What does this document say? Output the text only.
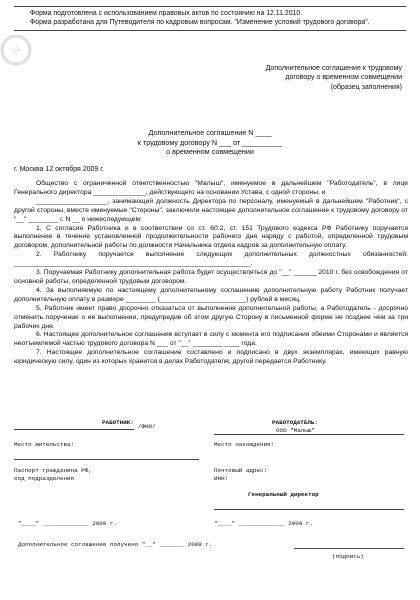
N

Форма подготовлена с использованием правовых актов по состоянию на 12.11.2010.

Форма разработана для Путеводителя по кадровым вопросам. "Изменение условий трудового договора".

Дополнительное соглашение к трудовому
договору о временном совмещении
(образец заполнения)
Дополнительное соглашение N ____
к трудовому договору N ___ от __________
о временном совмещении
г. Москва 12 октября 2009 г.

Общество с ограниченной ответственностью "Малыш", именуемое в дальнейшем "Работодатель", в лице Генерального директора ______________, действующего на основании Устава, с одной стороны, и

___________________, занимающий должность Директора по персоналу, именуемый в дальнейшем "Работник", с другой стороны, вместе именуемые "Стороны", заключили настоящее дополнительное соглашение к трудовому договору от "__" ________ г. N __ о нижеследующем:

1. С согласия Работника и в соответствии со ст. 60.2, ст. 151 Трудового кодекса РФ Работнику поручается выполнение в течение установленной продолжительности рабочего дня наряду с работой, определенной трудовым договором, дополнительной работы по должности Начальника отдела кадров за дополнительную оплату.

2. Работнику поручается выполнение следующих дополнительных должностных обязанностей: _______________________________________________________________.

3. Поручаемая Работнику дополнительная работа будет осуществляться до "__" ______ 2010 г. без освобождения от основной работы, определенной трудовым договором.

4. За выполняемую по настоящему дополнительному соглашению дополнительную работу Работник получает дополнительную оплату в размере ________ (_______________________) рублей в месяц.

5. Работник имеет право досрочно отказаться от выполнения дополнительной работы, а Работодатель - досрочно отменить поручение о ее выполнении, предупредив об этом другую Сторону в письменной форме не позднее чем за три рабочих дня.

6. Настоящее дополнительное соглашение вступает в силу с момента его подписания обеими Сторонами и является неотъемлемой частью трудового договора N ___ от "__" ________ ____ года.

7. Настоящее дополнительное соглашение составлено и подписано в двух экземплярах, имеющих равную юридическую силу, один из которых хранится в делах Работодателя, другой передается Работнику.

РАБОТНИК:
/ФИО/
РАБОТОДАТЕЛЬ:
ООО "Малыш"
Место жительства:	Место нахождения:
Паспорт гражданина РФ,
код подразделения
Почтовый адрес:
ИНН:
Генеральный директор
"____" _____________ 2009 г.	"____" _____________ 2009 г.
Дополнительное соглашение получено "__" _______ 2009 г.
(подпись)
